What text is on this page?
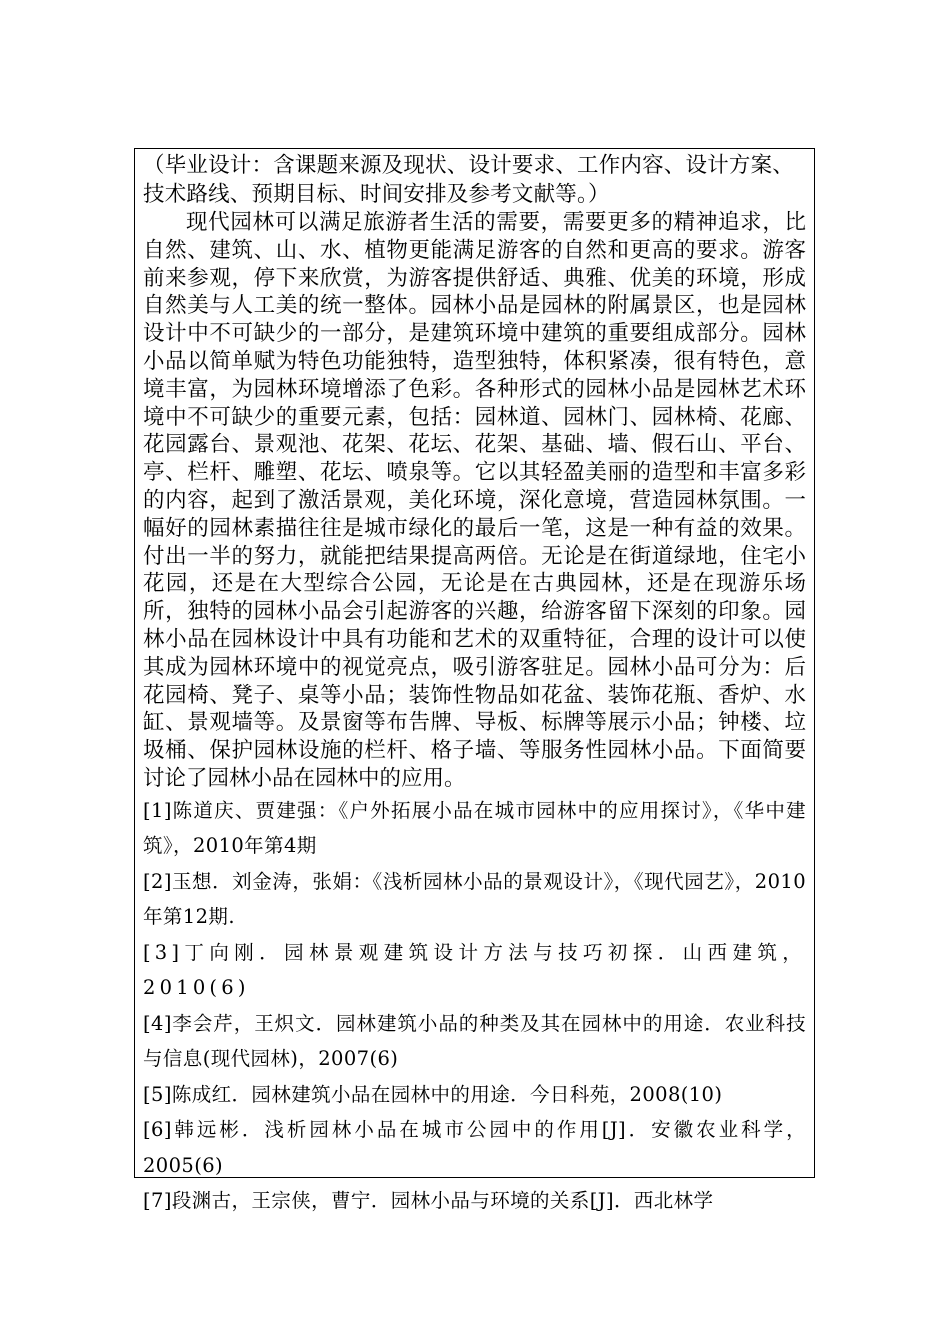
（毕业设计：含课题来源及现状、设计要求、工作内容、设计方案、技术路线、预期目标、时间安排及参考文献等。）

现代园林可以满足旅游者生活的需要，需要更多的精神追求，比自然、建筑、山、水、植物更能满足游客的自然和更高的要求。游客前来参观，停下来欣赏，为游客提供舒适、典雅、优美的环境，形成自然美与人工美的统一整体。园林小品是园林的附属景区，也是园林设计中不可缺少的一部分，是建筑环境中建筑的重要组成部分。园林小品以简单赋为特色功能独特，造型独特，体积紧凑，很有特色，意境丰富，为园林环境增添了色彩。各种形式的园林小品是园林艺术环境中不可缺少的重要元素，包括：园林道、园林门、园林椅、花廊、花园露台、景观池、花架、花坛、花架、基础、墙、假石山、平台、亭、栏杆、雕塑、花坛、喷泉等。它以其轻盈美丽的造型和丰富多彩的内容，起到了激活景观，美化环境，深化意境，营造园林氛围。一幅好的园林素描往往是城市绿化的最后一笔，这是一种有益的效果。付出一半的努力，就能把结果提高两倍。无论是在街道绿地，住宅小花园，还是在大型综合公园，无论是在古典园林，还是在现游乐场所，独特的园林小品会引起游客的兴趣，给游客留下深刻的印象。园林小品在园林设计中具有功能和艺术的双重特征，合理的设计可以使其成为园林环境中的视觉亮点，吸引游客驻足。园林小品可分为：后花园椅、凳子、桌等小品；装饰性物品如花盆、装饰花瓶、香炉、水缸、景观墙等。及景窗等布告牌、导板、标牌等展示小品；钟楼、垃圾桶、保护园林设施的栏杆、格子墙、等服务性园林小品。下面简要讨论了园林小品在园林中的应用。

[1]陈道庆、贾建强：《户外拓展小品在城市园林中的应用探讨》，《华中建筑》，2010年第4期

[2]玉想．刘金涛，张娟：《浅析园林小品的景观设计》，《现代园艺》，2010年第12期.

[3]丁向刚．园林景观建筑设计方法与技巧初探．山西建筑，2010(6)

[4]李会芹，王炽文．园林建筑小品的种类及其在园林中的用途．农业科技与信息(现代园林)，2007(6)

[5]陈成红．园林建筑小品在园林中的用途．今日科苑，2008(10)

[6]韩远彬．浅析园林小品在城市公园中的作用[J]．安徽农业科学，2005(6)

[7]段渊古，王宗侠，曹宁．园林小品与环境的关系[J]．西北林学
